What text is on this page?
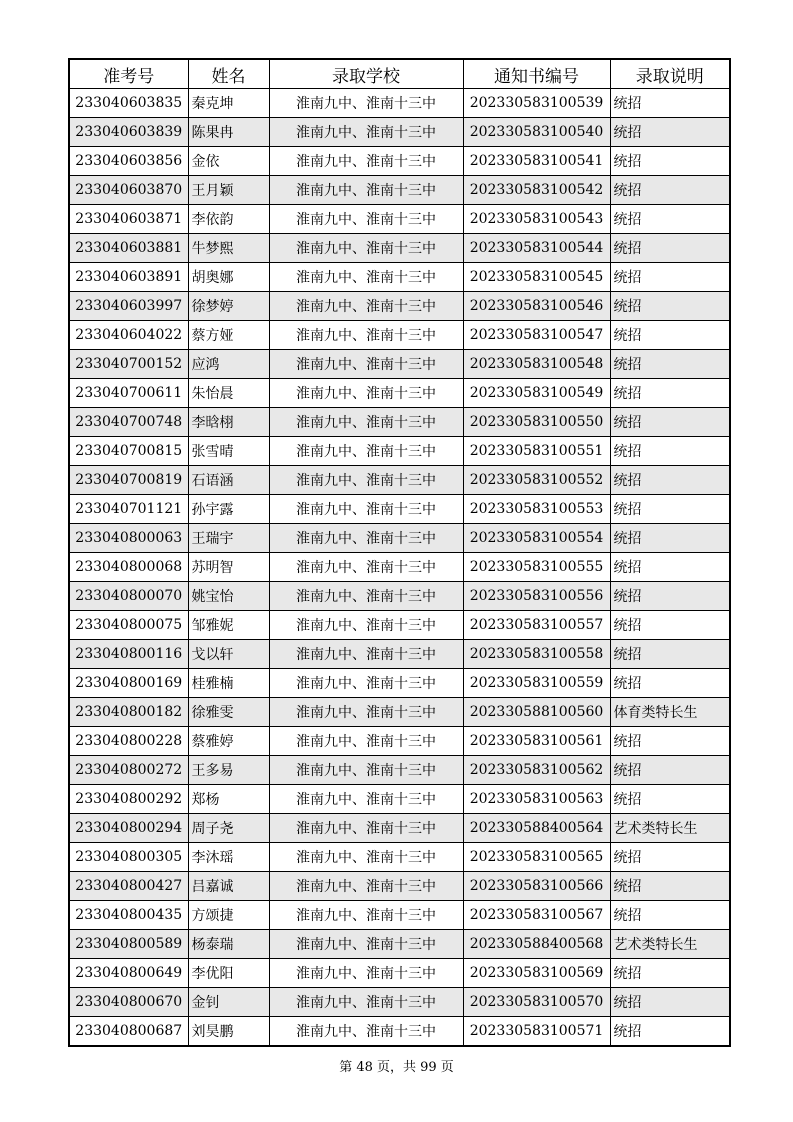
准考号	姓名	录取学校	通知书编号	录取说明
233040603835	秦克坤	淮南九中、淮南十三中	202330583100539	统招
233040603839	陈果冉	淮南九中、淮南十三中	202330583100540	统招
233040603856	金依	淮南九中、淮南十三中	202330583100541	统招
233040603870	王月颖	淮南九中、淮南十三中	202330583100542	统招
233040603871	李依韵	淮南九中、淮南十三中	202330583100543	统招
233040603881	牛梦熙	淮南九中、淮南十三中	202330583100544	统招
233040603891	胡奥娜	淮南九中、淮南十三中	202330583100545	统招
233040603997	徐梦婷	淮南九中、淮南十三中	202330583100546	统招
233040604022	蔡方娅	淮南九中、淮南十三中	202330583100547	统招
233040700152	应鸿	淮南九中、淮南十三中	202330583100548	统招
233040700611	朱怡晨	淮南九中、淮南十三中	202330583100549	统招
233040700748	李晗栩	淮南九中、淮南十三中	202330583100550	统招
233040700815	张雪晴	淮南九中、淮南十三中	202330583100551	统招
233040700819	石语涵	淮南九中、淮南十三中	202330583100552	统招
233040701121	孙宇露	淮南九中、淮南十三中	202330583100553	统招
233040800063	王瑞宇	淮南九中、淮南十三中	202330583100554	统招
233040800068	苏明智	淮南九中、淮南十三中	202330583100555	统招
233040800070	姚宝怡	淮南九中、淮南十三中	202330583100556	统招
233040800075	邹雅妮	淮南九中、淮南十三中	202330583100557	统招
233040800116	戈以轩	淮南九中、淮南十三中	202330583100558	统招
233040800169	桂雅楠	淮南九中、淮南十三中	202330583100559	统招
233040800182	徐雅雯	淮南九中、淮南十三中	202330588100560	体育类特长生
233040800228	蔡雅婷	淮南九中、淮南十三中	202330583100561	统招
233040800272	王多易	淮南九中、淮南十三中	202330583100562	统招
233040800292	郑杨	淮南九中、淮南十三中	202330583100563	统招
233040800294	周子尧	淮南九中、淮南十三中	202330588400564	艺术类特长生
233040800305	李沐瑶	淮南九中、淮南十三中	202330583100565	统招
233040800427	吕嘉诚	淮南九中、淮南十三中	202330583100566	统招
233040800435	方颂捷	淮南九中、淮南十三中	202330583100567	统招
233040800589	杨泰瑞	淮南九中、淮南十三中	202330588400568	艺术类特长生
233040800649	李优阳	淮南九中、淮南十三中	202330583100569	统招
233040800670	金钊	淮南九中、淮南十三中	202330583100570	统招
233040800687	刘昊鹏	淮南九中、淮南十三中	202330583100571	统招
第 48 页，共 99 页
